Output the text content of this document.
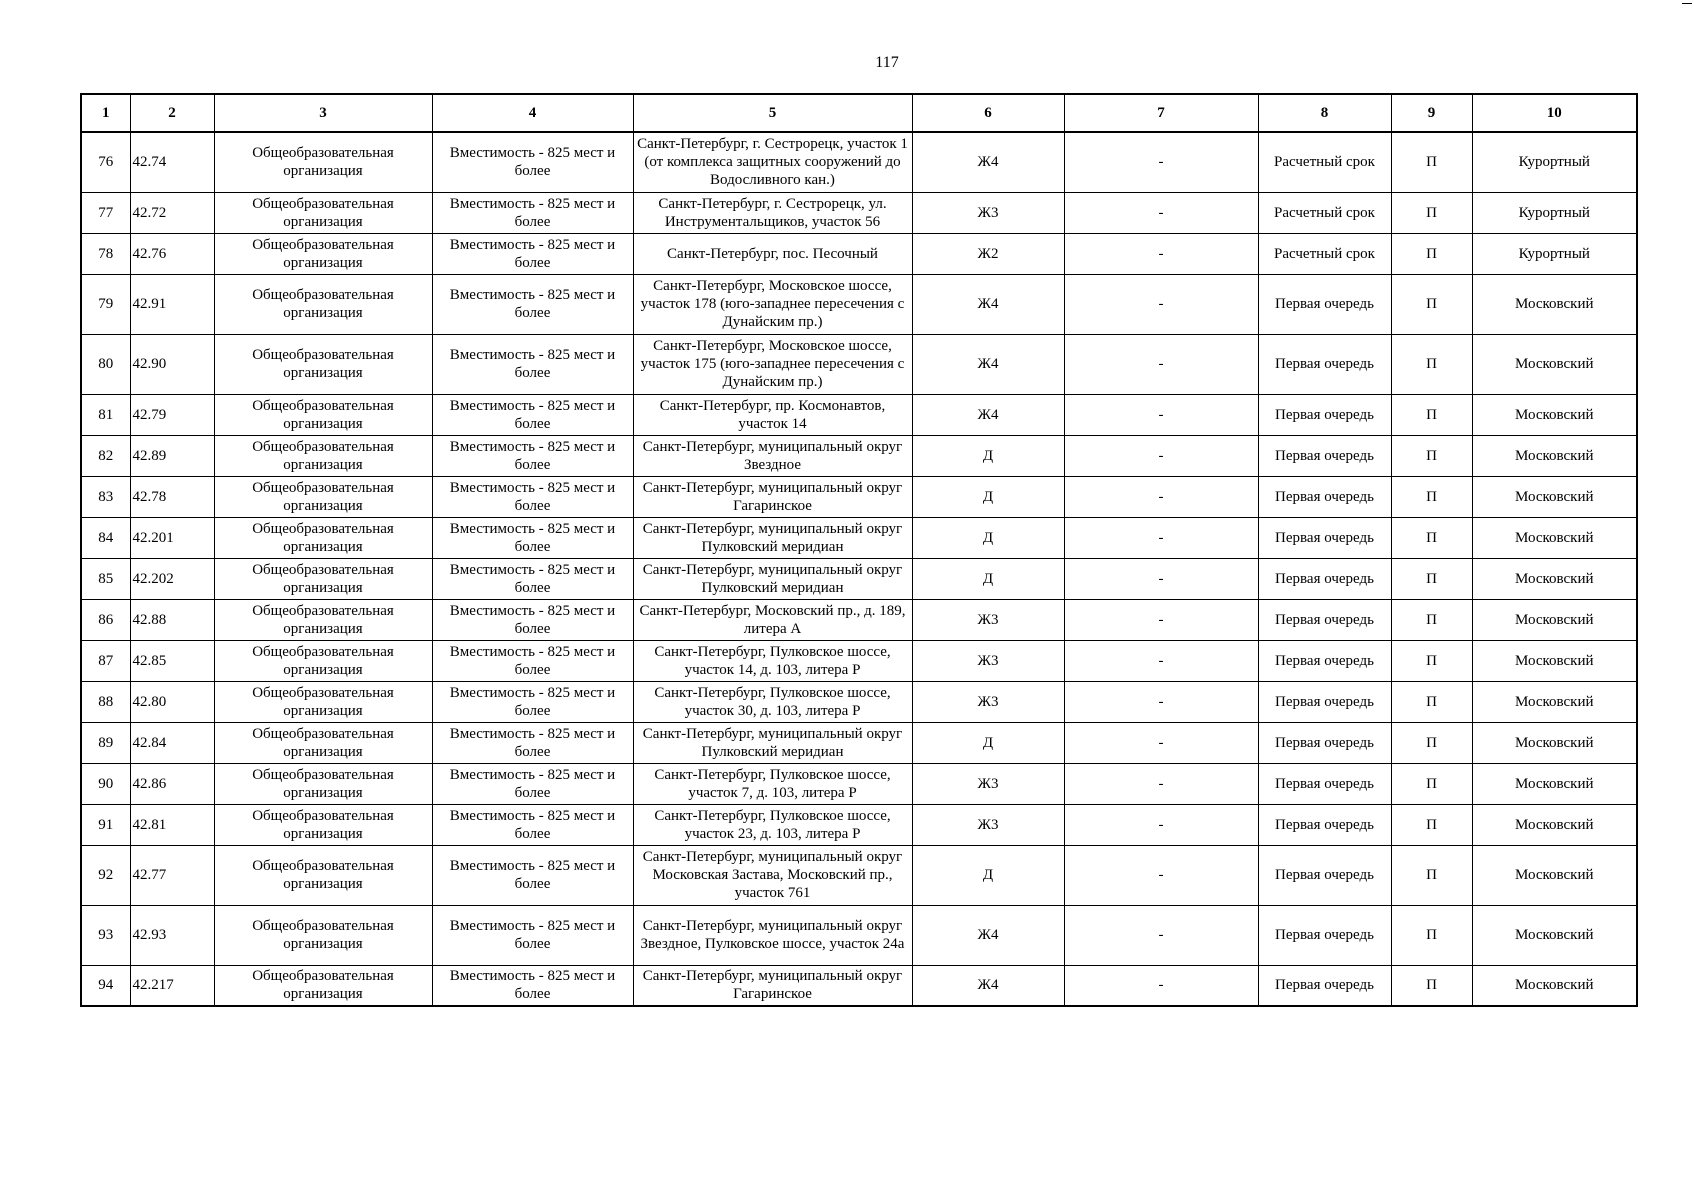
117
1	2	3	4	5	6	7	8	9	10
76	42.74	Общеобразовательная организация	Вместимость - 825 мест и более	Санкт-Петербург, г. Сестрорецк, участок 1 (от комплекса защитных сооружений до Водосливного кан.)	Ж4	-	Расчетный срок	П	Курортный
77	42.72	Общеобразовательная организация	Вместимость - 825 мест и более	Санкт-Петербург, г. Сестрорецк, ул. Инструментальщиков, участок 56	Ж3	-	Расчетный срок	П	Курортный
78	42.76	Общеобразовательная организация	Вместимость - 825 мест и более	Санкт-Петербург, пос. Песочный	Ж2	-	Расчетный срок	П	Курортный
79	42.91	Общеобразовательная организация	Вместимость - 825 мест и более	Санкт-Петербург, Московское шоссе, участок 178 (юго-западнее пересечения с Дунайским пр.)	Ж4	-	Первая очередь	П	Московский
80	42.90	Общеобразовательная организация	Вместимость - 825 мест и более	Санкт-Петербург, Московское шоссе, участок 175 (юго-западнее пересечения с Дунайским пр.)	Ж4	-	Первая очередь	П	Московский
81	42.79	Общеобразовательная организация	Вместимость - 825 мест и более	Санкт-Петербург, пр. Космонавтов, участок 14	Ж4	-	Первая очередь	П	Московский
82	42.89	Общеобразовательная организация	Вместимость - 825 мест и более	Санкт-Петербург, муниципальный округ Звездное	Д	-	Первая очередь	П	Московский
83	42.78	Общеобразовательная организация	Вместимость - 825 мест и более	Санкт-Петербург, муниципальный округ Гагаринское	Д	-	Первая очередь	П	Московский
84	42.201	Общеобразовательная организация	Вместимость - 825 мест и более	Санкт-Петербург, муниципальный округ Пулковский меридиан	Д	-	Первая очередь	П	Московский
85	42.202	Общеобразовательная организация	Вместимость - 825 мест и более	Санкт-Петербург, муниципальный округ Пулковский меридиан	Д	-	Первая очередь	П	Московский
86	42.88	Общеобразовательная организация	Вместимость - 825 мест и более	Санкт-Петербург, Московский пр., д. 189, литера А	Ж3	-	Первая очередь	П	Московский
87	42.85	Общеобразовательная организация	Вместимость - 825 мест и более	Санкт-Петербург, Пулковское шоссе, участок 14, д. 103, литера Р	Ж3	-	Первая очередь	П	Московский
88	42.80	Общеобразовательная организация	Вместимость - 825 мест и более	Санкт-Петербург, Пулковское шоссе, участок 30, д. 103, литера Р	Ж3	-	Первая очередь	П	Московский
89	42.84	Общеобразовательная организация	Вместимость - 825 мест и более	Санкт-Петербург, муниципальный округ Пулковский меридиан	Д	-	Первая очередь	П	Московский
90	42.86	Общеобразовательная организация	Вместимость - 825 мест и более	Санкт-Петербург, Пулковское шоссе, участок 7, д. 103, литера Р	Ж3	-	Первая очередь	П	Московский
91	42.81	Общеобразовательная организация	Вместимость - 825 мест и более	Санкт-Петербург, Пулковское шоссе, участок 23, д. 103, литера Р	Ж3	-	Первая очередь	П	Московский
92	42.77	Общеобразовательная организация	Вместимость - 825 мест и более	Санкт-Петербург, муниципальный округ Московская Застава, Московский пр., участок 761	Д	-	Первая очередь	П	Московский
93	42.93	Общеобразовательная организация	Вместимость - 825 мест и более	Санкт-Петербург, муниципальный округ Звездное, Пулковское шоссе, участок 24а	Ж4	-	Первая очередь	П	Московский
94	42.217	Общеобразовательная организация	Вместимость - 825 мест и более	Санкт-Петербург, муниципальный округ Гагаринское	Ж4	-	Первая очередь	П	Московский
